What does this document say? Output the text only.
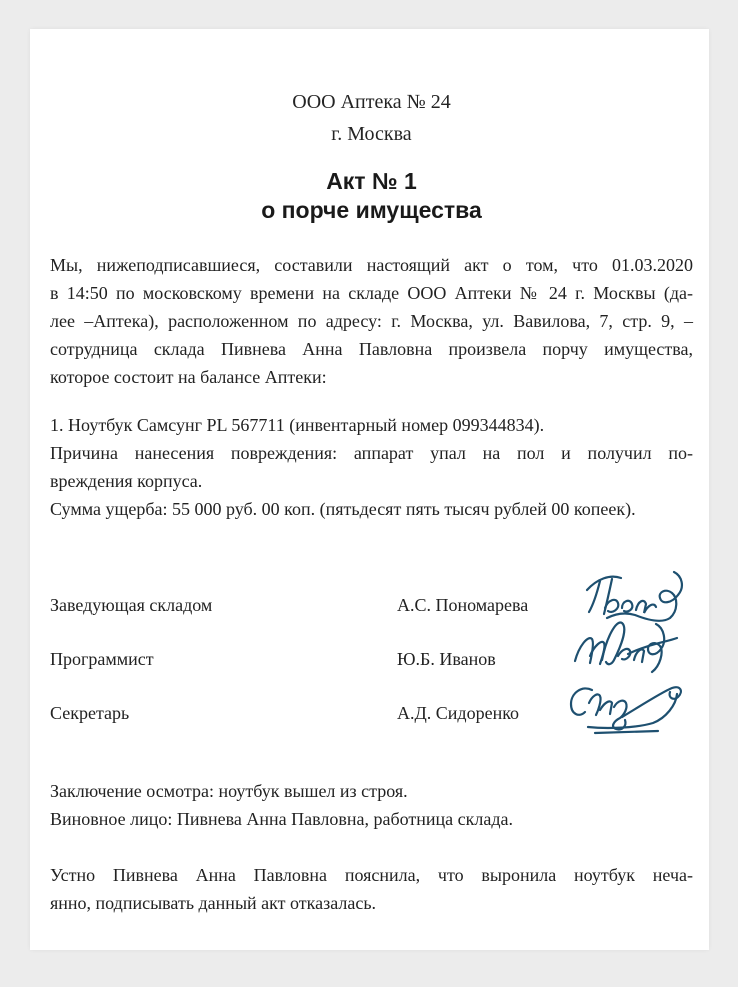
ООО Аптека № 24
г. Москва
Акт № 1
о порче имущества
Мы, нижеподписавшиеся, составили настоящий акт о том, что 01.03.2020
в 14:50 по московскому времени на складе ООО Аптеки № 24 г. Москвы (да-
лее –Аптека), расположенном по адресу: г. Москва, ул. Вавилова, 7, стр. 9, –
сотрудница склада Пивнева Анна Павловна произвела порчу имущества,
которое состоит на балансе Аптеки:
1. Ноутбук Самсунг PL 567711 (инвентарный номер 099344834).
Причина нанесения повреждения: аппарат упал на пол и получил по-
вреждения корпуса.
Сумма ущерба: 55 000 руб. 00 коп. (пятьдесят пять тысяч рублей 00 копеек).
Заведующая складом	А.С. Пономарева
Программист	Ю.Б. Иванов
Секретарь	А.Д. Сидоренко
Заключение осмотра: ноутбук вышел из строя.
Виновное лицо: Пивнева Анна Павловна, работница склада.
Устно Пивнева Анна Павловна пояснила, что выронила ноутбук неча-
янно, подписывать данный акт отказалась.
